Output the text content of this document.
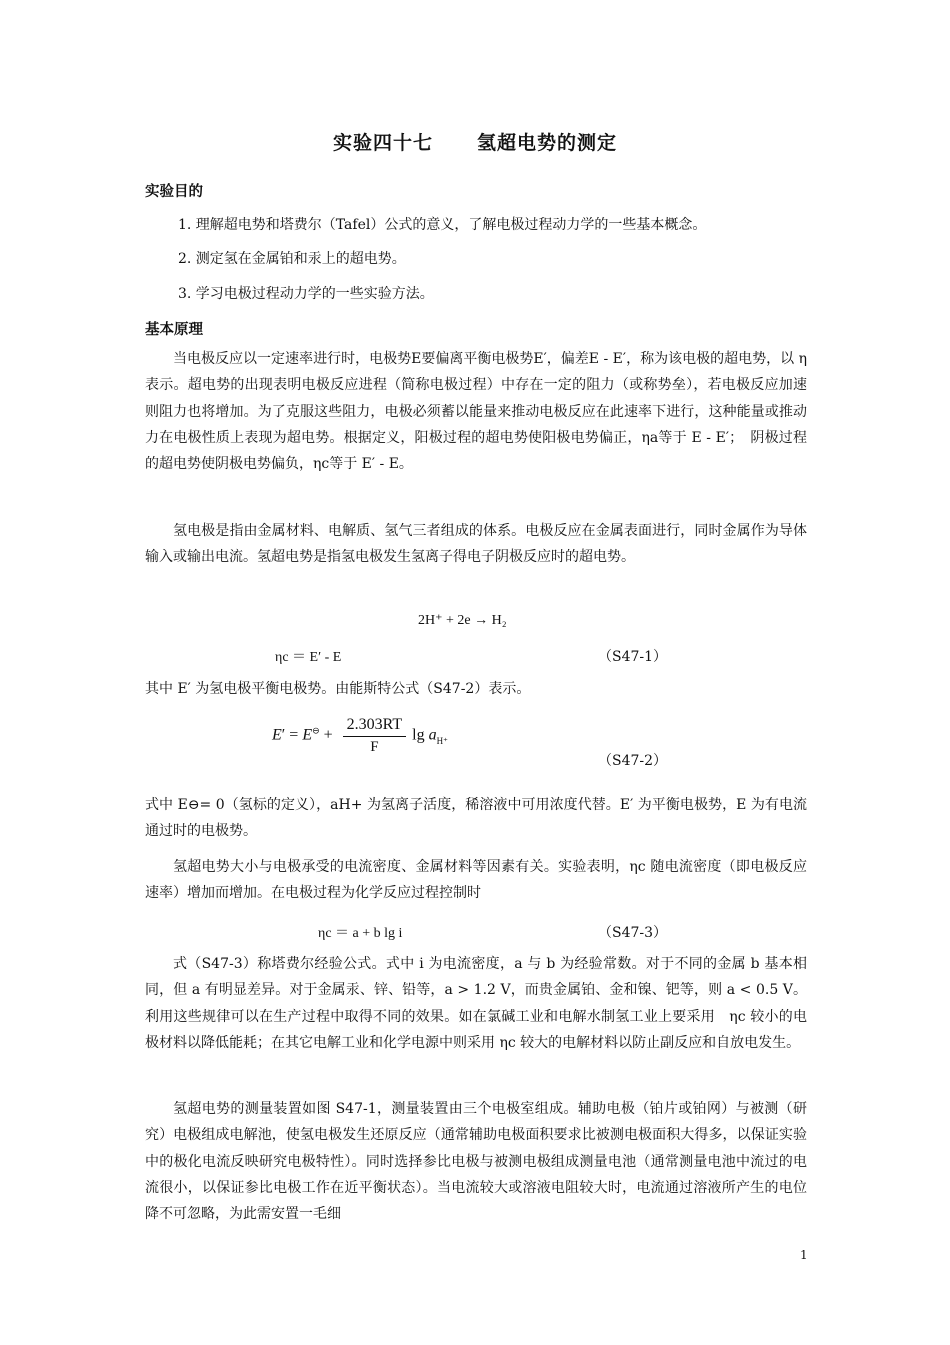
实验四十七 氢超电势的测定
实验目的
1. 理解超电势和塔费尔（Tafel）公式的意义，了解电极过程动力学的一些基本概念。
2. 测定氢在金属铂和汞上的超电势。
3. 学习电极过程动力学的一些实验方法。
基本原理
当电极反应以一定速率进行时，电极势E要偏离平衡电极势E′，偏差E - E′，称为该电极的超电势，以 η 表示。超电势的出现表明电极反应进程（简称电极过程）中存在一定的阻力（或称势垒），若电极反应加速则阻力也将增加。为了克服这些阻力，电极必须蓄以能量来推动电极反应在此速率下进行，这种能量或推动力在电极性质上表现为超电势。根据定义，阳极过程的超电势使阳极电势偏正，ηa等于 E - E′；　阴极过程的超电势使阴极电势偏负，ηc等于 E′ - E。
氢电极是指由金属材料、电解质、氢气三者组成的体系。电极反应在金属表面进行，同时金属作为导体输入或输出电流。氢超电势是指氢电极发生氢离子得电子阴极反应时的超电势。
2H⁺ + 2e → H₂
ηc ＝ E′ - E	（S47-1）
其中 E′ 为氢电极平衡电极势。由能斯特公式（S47-2）表示。
$E' = E^⊖ + \frac{2.303RT}{F}$ $\lg a_{H^+}$
（S47-2）
式中 E⊖= 0（氢标的定义），aH+ 为氢离子活度，稀溶液中可用浓度代替。E′ 为平衡电极势，E 为有电流通过时的电极势。
氢超电势大小与电极承受的电流密度、金属材料等因素有关。实验表明，ηc 随电流密度（即电极反应速率）增加而增加。在电极过程为化学反应过程控制时
ηc ＝ a + b lg i	（S47-3）
式（S47-3）称塔费尔经验公式。式中 i 为电流密度，a 与 b 为经验常数。对于不同的金属 b 基本相同，但 a 有明显差异。对于金属汞、锌、铅等，a > 1.2 V，而贵金属铂、金和镍、钯等，则 a < 0.5 V。利用这些规律可以在生产过程中取得不同的效果。如在氯碱工业和电解水制氢工业上要采用　ηc 较小的电极材料以降低能耗；在其它电解工业和化学电源中则采用 ηc 较大的电解材料以防止副反应和自放电发生。
氢超电势的测量装置如图 S47-1，测量装置由三个电极室组成。辅助电极（铂片或铂网）与被测（研究）电极组成电解池，使氢电极发生还原反应（通常辅助电极面积要求比被测电极面积大得多，以保证实验中的极化电流反映研究电极特性）。同时选择参比电极与被测电极组成测量电池（通常测量电池中流过的电流很小，以保证参比电极工作在近平衡状态）。当电流较大或溶液电阻较大时，电流通过溶液所产生的电位降不可忽略，为此需安置一毛细
1
